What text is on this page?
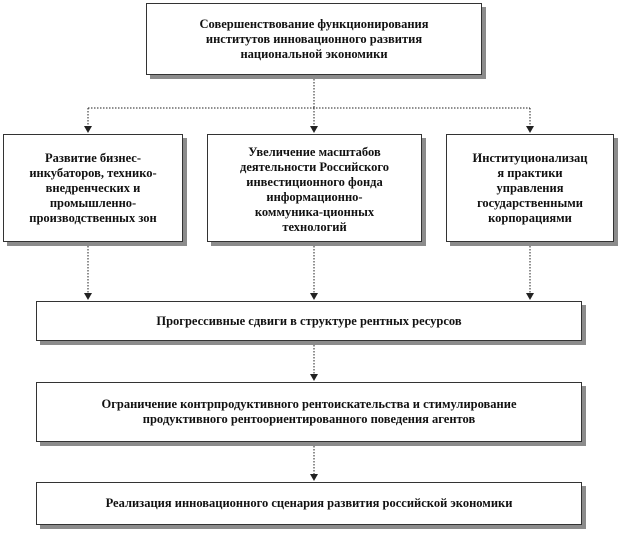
Совершенствование функционирования
институтов инновационного развития
национальной экономики
Развитие бизнес-
инкубаторов, технико-
внедренческих и
промышленно-
производственных зон
Увеличение масштабов
деятельности Российского
инвестиционного фонда
информационно-
коммуника-ционных
технологий
Институционализац
я практики
управления
государственными
корпорациями
Прогрессивные сдвиги в структуре рентных ресурсов
Ограничение контрпродуктивного рентоискательства и стимулирование
продуктивного рентоориентированного поведения агентов
Реализация инновационного сценария развития российской экономики
